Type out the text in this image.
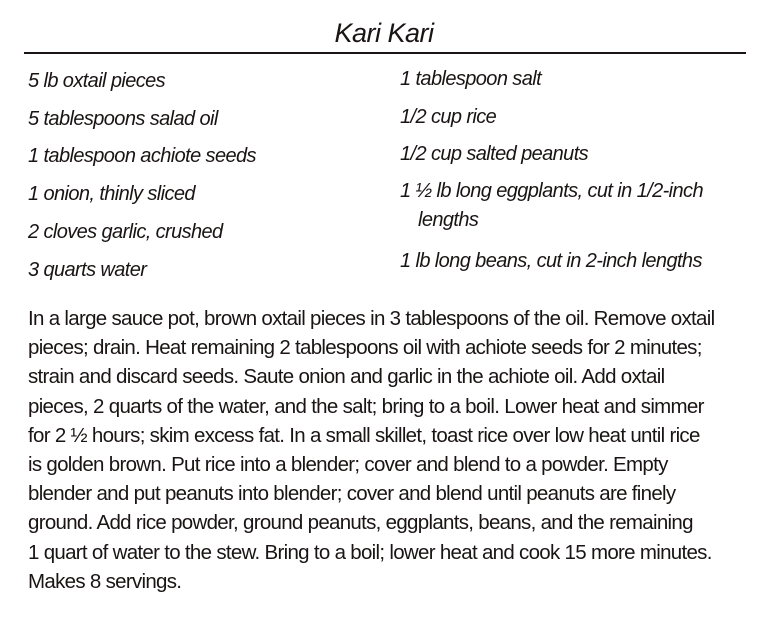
Kari Kari
5 lb oxtail pieces
5 tablespoons salad oil
1 tablespoon achiote seeds
1 onion, thinly sliced
2 cloves garlic, crushed
3 quarts water
1 tablespoon salt
1/2 cup rice
1/2 cup salted peanuts
1 ½ lb long eggplants, cut in 1/2-inch
lengths
1 lb long beans, cut in 2-inch lengths
In a large sauce pot, brown oxtail pieces in 3 tablespoons of the oil. Remove oxtail
pieces; drain. Heat remaining 2 tablespoons oil with achiote seeds for 2 minutes;
strain and discard seeds. Saute onion and garlic in the achiote oil. Add oxtail
pieces, 2 quarts of the water, and the salt; bring to a boil. Lower heat and simmer
for 2 ½ hours; skim excess fat. In a small skillet, toast rice over low heat until rice
is golden brown. Put rice into a blender; cover and blend to a powder. Empty
blender and put peanuts into blender; cover and blend until peanuts are finely
ground. Add rice powder, ground peanuts, eggplants, beans, and the remaining
1 quart of water to the stew. Bring to a boil; lower heat and cook 15 more minutes.
Makes 8 servings.
